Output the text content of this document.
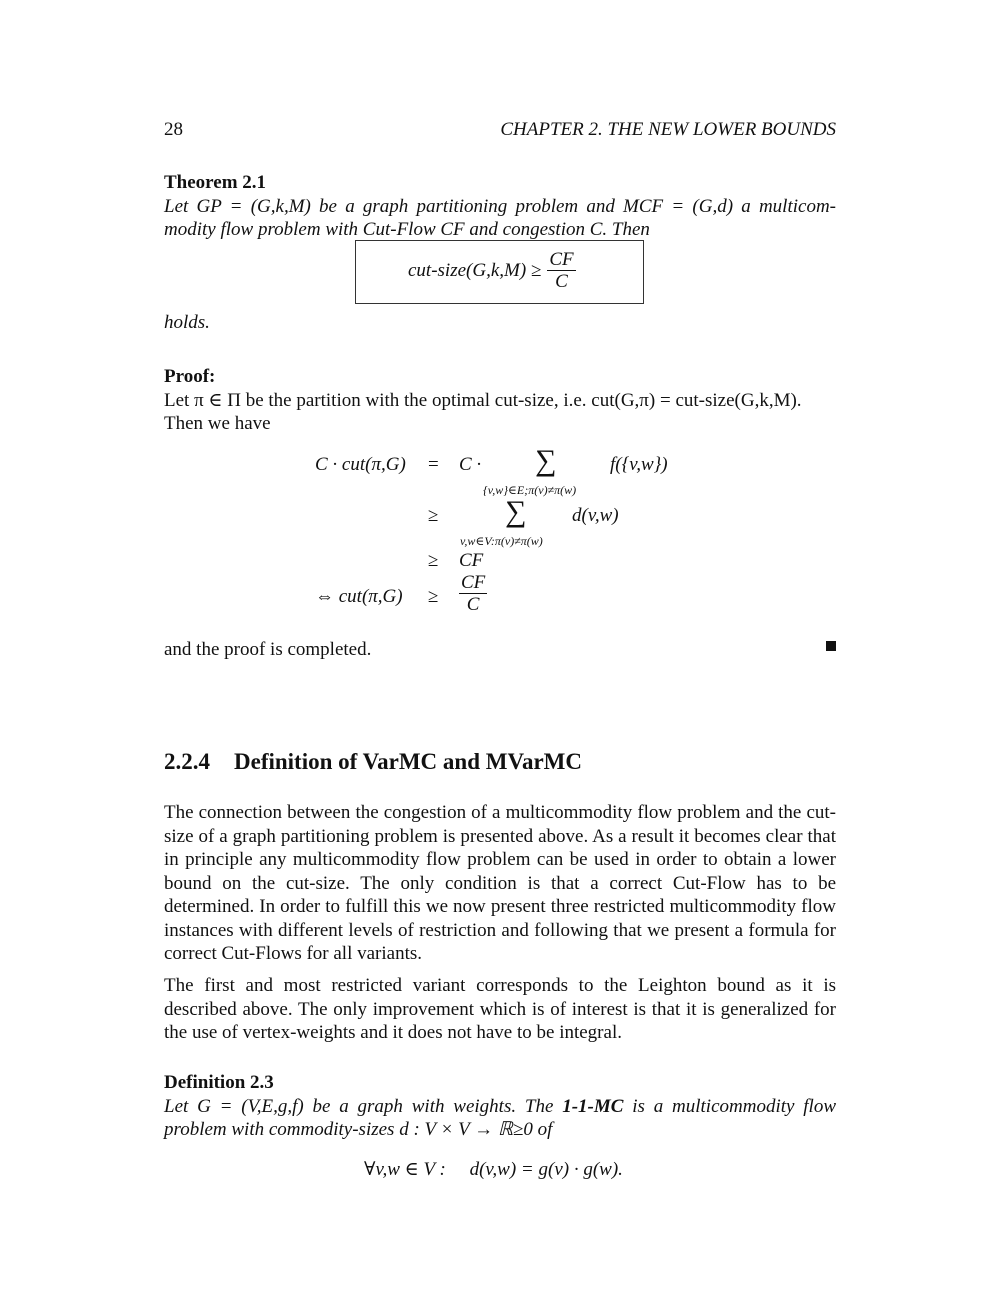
28	CHAPTER 2. THE NEW LOWER BOUNDS
Theorem 2.1
Let GP = (G,k,M) be a graph partitioning problem and MCF = (G,d) a multicom-
modity flow problem with Cut-Flow CF and congestion C. Then
cut-size(G,k,M) ≥ $\frac{CF}{C}$
holds.
Proof:
Let π ∈ Π be the partition with the optimal cut-size, i.e. cut(G,π) = cut-size(G,k,M).
Then we have
C · cut(π,G) = C · ∑
{v,w}∈E;π(v)≠π(w)
f({v,w})
≥ ∑
v,w∈V:π(v)≠π(w)
d(v,w)
≥ CF
⇔ $cut(\pi,G) \ge \frac{CF}{C}$
and the proof is completed.
2.2.4 Definition of VarMC and MVarMC

The connection between the congestion of a multicommodity flow problem and the cut-size of a graph partitioning problem is presented above. As a result it becomes clear that in principle any multicommodity flow problem can be used in order to obtain a lower bound on the cut-size. The only condition is that a correct Cut-Flow has to be determined. In order to fulfill this we now present three restricted multicommodity flow instances with different levels of restriction and following that we present a formula for correct Cut-Flows for all variants.

The first and most restricted variant corresponds to the Leighton bound as it is described above. The only improvement which is of interest is that it is generalized for the use of vertex-weights and it does not have to be integral.

Definition 2.3
Let G = (V,E,g,f) be a graph with weights. The 1-1-MC is a multicommodity flow
problem with commodity-sizes d : V × V → ℝ≥0 of
∀v,w ∈ V :     d(v,w) = g(v) · g(w).
